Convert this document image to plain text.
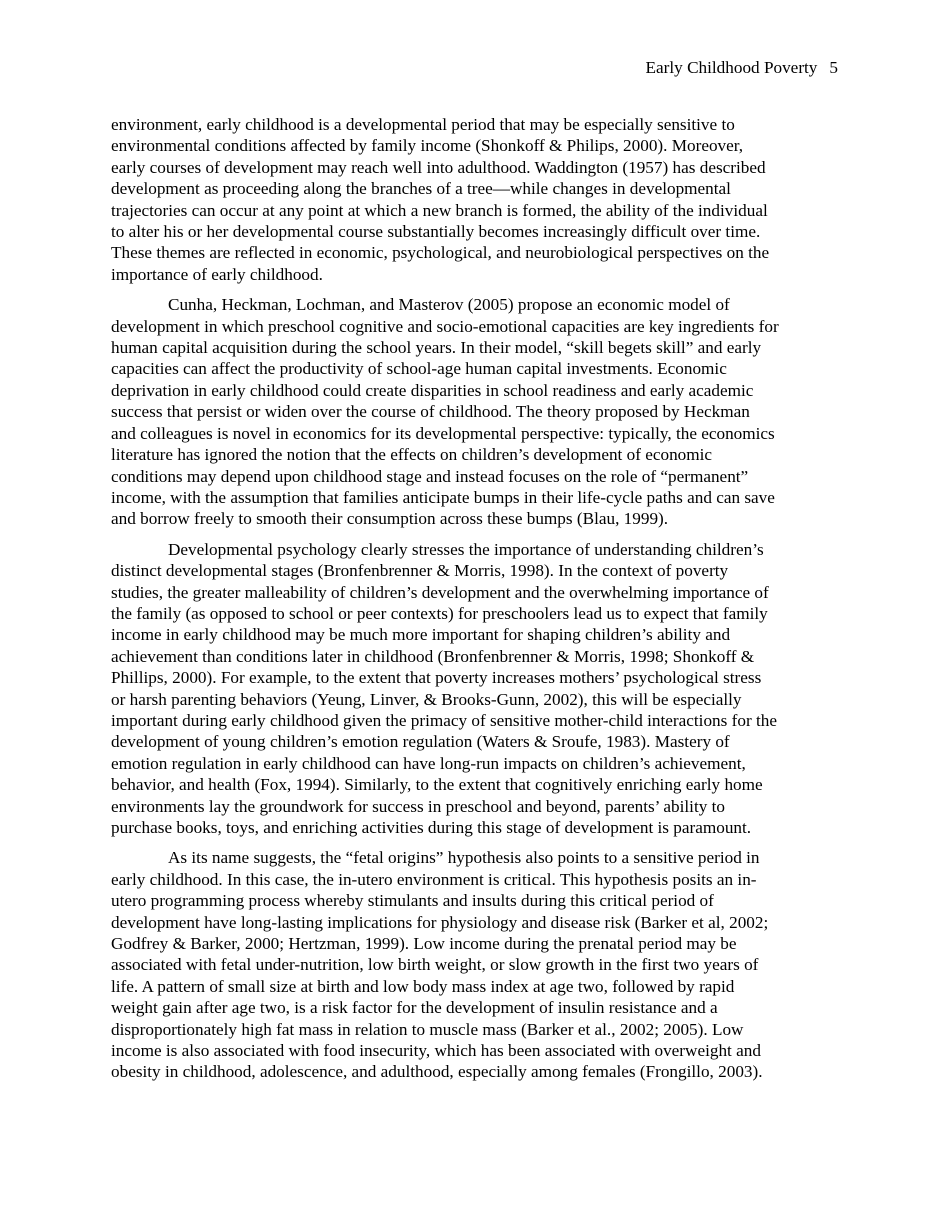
Early Childhood Poverty 5

environment, early childhood is a developmental period that may be especially sensitive to
environmental conditions affected by family income (Shonkoff & Philips, 2000). Moreover,
early courses of development may reach well into adulthood. Waddington (1957) has described
development as proceeding along the branches of a tree—while changes in developmental
trajectories can occur at any point at which a new branch is formed, the ability of the individual
to alter his or her developmental course substantially becomes increasingly difficult over time.
These themes are reflected in economic, psychological, and neurobiological perspectives on the
importance of early childhood.

Cunha, Heckman, Lochman, and Masterov (2005) propose an economic model of
development in which preschool cognitive and socio-emotional capacities are key ingredients for
human capital acquisition during the school years. In their model, “skill begets skill” and early
capacities can affect the productivity of school-age human capital investments. Economic
deprivation in early childhood could create disparities in school readiness and early academic
success that persist or widen over the course of childhood. The theory proposed by Heckman
and colleagues is novel in economics for its developmental perspective: typically, the economics
literature has ignored the notion that the effects on children’s development of economic
conditions may depend upon childhood stage and instead focuses on the role of “permanent”
income, with the assumption that families anticipate bumps in their life-cycle paths and can save
and borrow freely to smooth their consumption across these bumps (Blau, 1999).

Developmental psychology clearly stresses the importance of understanding children’s
distinct developmental stages (Bronfenbrenner & Morris, 1998). In the context of poverty
studies, the greater malleability of children’s development and the overwhelming importance of
the family (as opposed to school or peer contexts) for preschoolers lead us to expect that family
income in early childhood may be much more important for shaping children’s ability and
achievement than conditions later in childhood (Bronfenbrenner & Morris, 1998; Shonkoff &
Phillips, 2000). For example, to the extent that poverty increases mothers’ psychological stress
or harsh parenting behaviors (Yeung, Linver, & Brooks-Gunn, 2002), this will be especially
important during early childhood given the primacy of sensitive mother-child interactions for the
development of young children’s emotion regulation (Waters & Sroufe, 1983). Mastery of
emotion regulation in early childhood can have long-run impacts on children’s achievement,
behavior, and health (Fox, 1994). Similarly, to the extent that cognitively enriching early home
environments lay the groundwork for success in preschool and beyond, parents’ ability to
purchase books, toys, and enriching activities during this stage of development is paramount.

As its name suggests, the “fetal origins” hypothesis also points to a sensitive period in
early childhood. In this case, the in-utero environment is critical. This hypothesis posits an in-
utero programming process whereby stimulants and insults during this critical period of
development have long-lasting implications for physiology and disease risk (Barker et al, 2002;
Godfrey & Barker, 2000; Hertzman, 1999). Low income during the prenatal period may be
associated with fetal under-nutrition, low birth weight, or slow growth in the first two years of
life. A pattern of small size at birth and low body mass index at age two, followed by rapid
weight gain after age two, is a risk factor for the development of insulin resistance and a
disproportionately high fat mass in relation to muscle mass (Barker et al., 2002; 2005). Low
income is also associated with food insecurity, which has been associated with overweight and
obesity in childhood, adolescence, and adulthood, especially among females (Frongillo, 2003).
